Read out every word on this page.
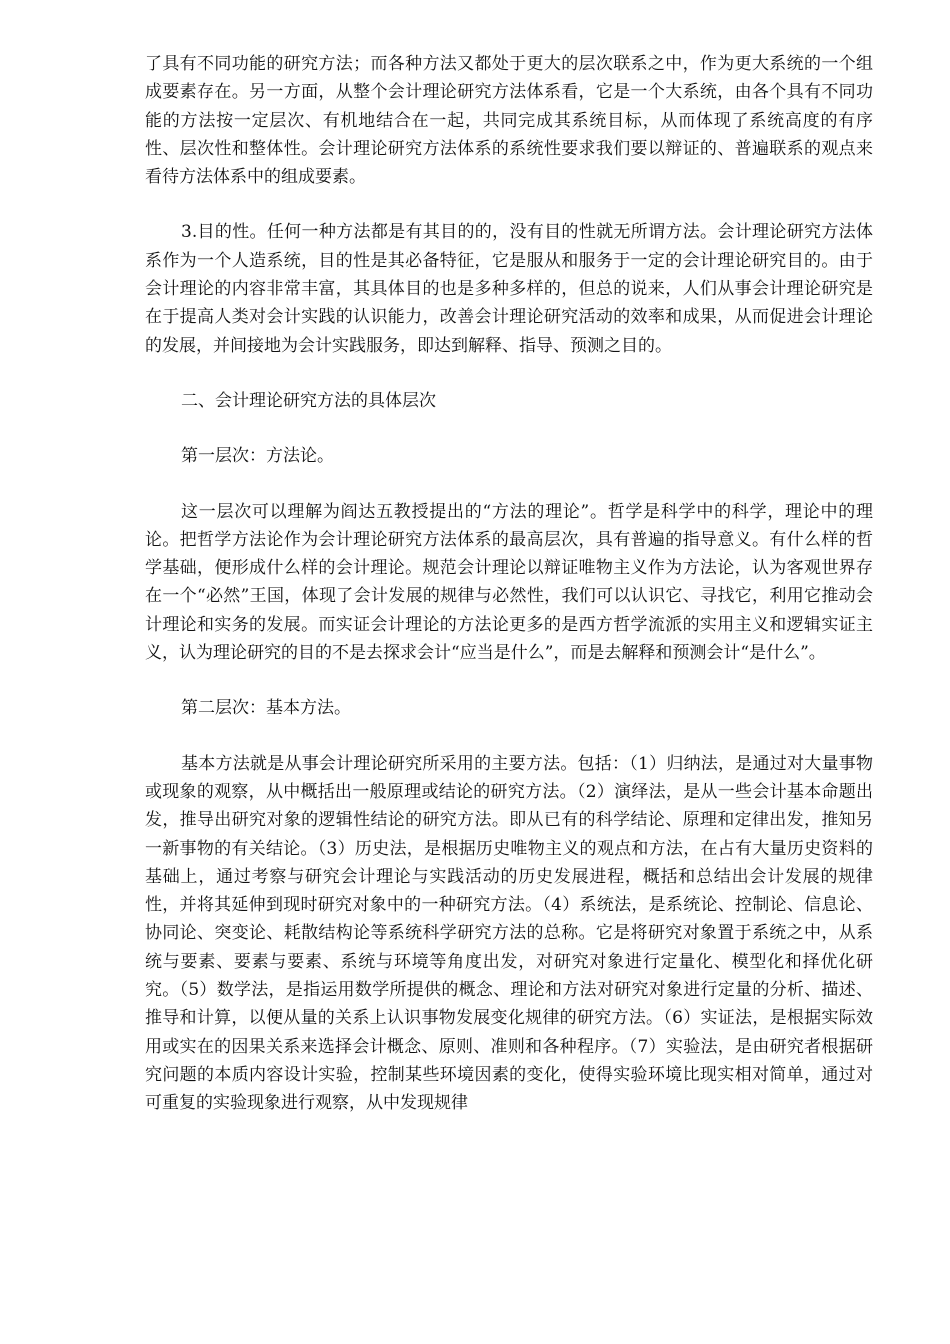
了具有不同功能的研究方法；而各种方法又都处于更大的层次联系之中，作为更大系统的一个组成要素存在。另一方面，从整个会计理论研究方法体系看，它是一个大系统，由各个具有不同功能的方法按一定层次、有机地结合在一起，共同完成其系统目标，从而体现了系统高度的有序性、层次性和整体性。会计理论研究方法体系的系统性要求我们要以辩证的、普遍联系的观点来看待方法体系中的组成要素。

3.目的性。任何一种方法都是有其目的的，没有目的性就无所谓方法。会计理论研究方法体系作为一个人造系统，目的性是其必备特征，它是服从和服务于一定的会计理论研究目的。由于会计理论的内容非常丰富，其具体目的也是多种多样的，但总的说来，人们从事会计理论研究是在于提高人类对会计实践的认识能力，改善会计理论研究活动的效率和成果，从而促进会计理论的发展，并间接地为会计实践服务，即达到解释、指导、预测之目的。

二、会计理论研究方法的具体层次

第一层次：方法论。

这一层次可以理解为阎达五教授提出的“方法的理论”。哲学是科学中的科学，理论中的理论。把哲学方法论作为会计理论研究方法体系的最高层次，具有普遍的指导意义。有什么样的哲学基础，便形成什么样的会计理论。规范会计理论以辩证唯物主义作为方法论，认为客观世界存在一个“必然”王国，体现了会计发展的规律与必然性，我们可以认识它、寻找它，利用它推动会计理论和实务的发展。而实证会计理论的方法论更多的是西方哲学流派的实用主义和逻辑实证主义，认为理论研究的目的不是去探求会计“应当是什么”，而是去解释和预测会计“是什么”。

第二层次：基本方法。

基本方法就是从事会计理论研究所采用的主要方法。包括：（1）归纳法，是通过对大量事物或现象的观察，从中概括出一般原理或结论的研究方法。（2）演绎法，是从一些会计基本命题出发，推导出研究对象的逻辑性结论的研究方法。即从已有的科学结论、原理和定律出发，推知另一新事物的有关结论。（3）历史法，是根据历史唯物主义的观点和方法，在占有大量历史资料的基础上，通过考察与研究会计理论与实践活动的历史发展进程，概括和总结出会计发展的规律性，并将其延伸到现时研究对象中的一种研究方法。（4）系统法，是系统论、控制论、信息论、协同论、突变论、耗散结构论等系统科学研究方法的总称。它是将研究对象置于系统之中，从系统与要素、要素与要素、系统与环境等角度出发，对研究对象进行定量化、模型化和择优化研究。（5）数学法，是指运用数学所提供的概念、理论和方法对研究对象进行定量的分析、描述、推导和计算，以便从量的关系上认识事物发展变化规律的研究方法。（6）实证法，是根据实际效用或实在的因果关系来选择会计概念、原则、准则和各种程序。（7）实验法，是由研究者根据研究问题的本质内容设计实验，控制某些环境因素的变化，使得实验环境比现实相对简单，通过对可重复的实验现象进行观察，从中发现规律
